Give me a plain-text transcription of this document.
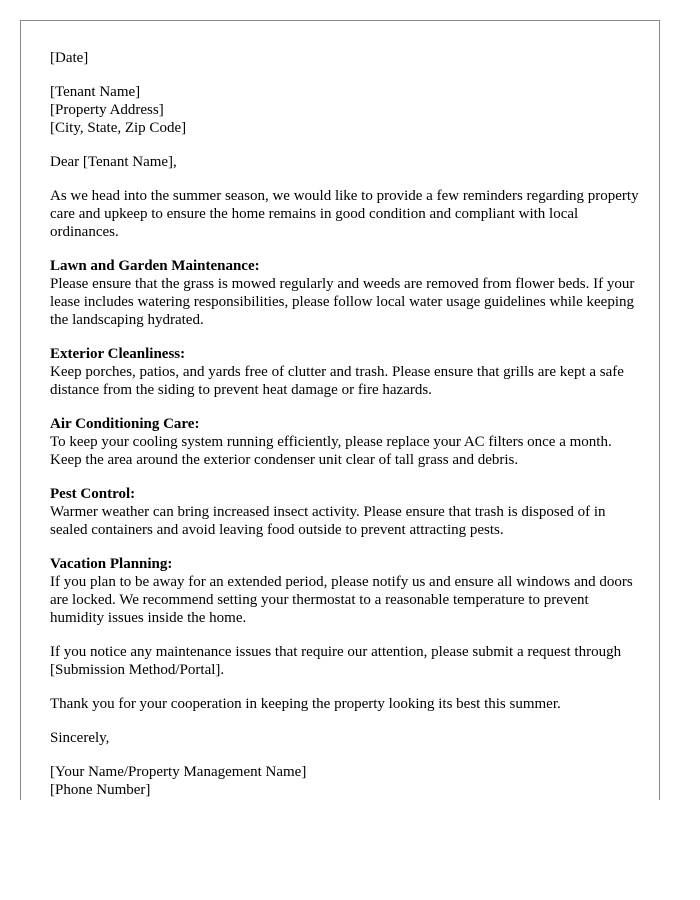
[Date]
[Tenant Name]
[Property Address]
[City, State, Zip Code]
Dear [Tenant Name],
As we head into the summer season, we would like to provide a few reminders regarding property care and upkeep to ensure the home remains in good condition and compliant with local ordinances.
Lawn and Garden Maintenance:
Please ensure that the grass is mowed regularly and weeds are removed from flower beds. If your lease includes watering responsibilities, please follow local water usage guidelines while keeping the landscaping hydrated.
Exterior Cleanliness:
Keep porches, patios, and yards free of clutter and trash. Please ensure that grills are kept a safe distance from the siding to prevent heat damage or fire hazards.
Air Conditioning Care:
To keep your cooling system running efficiently, please replace your AC filters once a month. Keep the area around the exterior condenser unit clear of tall grass and debris.
Pest Control:
Warmer weather can bring increased insect activity. Please ensure that trash is disposed of in sealed containers and avoid leaving food outside to prevent attracting pests.
Vacation Planning:
If you plan to be away for an extended period, please notify us and ensure all windows and doors are locked. We recommend setting your thermostat to a reasonable temperature to prevent humidity issues inside the home.
If you notice any maintenance issues that require our attention, please submit a request through [Submission Method/Portal].
Thank you for your cooperation in keeping the property looking its best this summer.
Sincerely,
[Your Name/Property Management Name]
[Phone Number]
